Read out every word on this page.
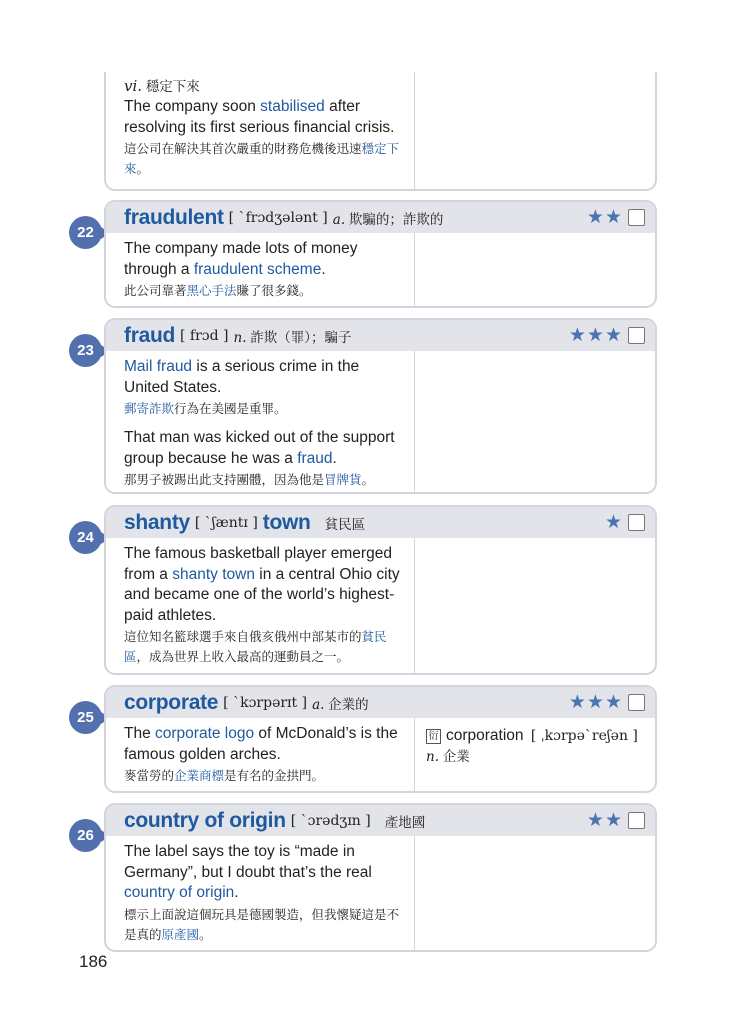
vi. 穩定下來
The company soon stabilised after resolving its first serious financial crisis.
這公司在解決其首次嚴重的財務危機後迅速穩定下來。
22
fraudulent [ ˋfrɔdʒələnt ] a. 欺騙的；詐欺的	★ ★
The company made lots of money through a fraudulent scheme.
此公司靠著黑心手法賺了很多錢。
23
fraud [ frɔd ] n. 詐欺（罪）；騙子	★ ★ ★
Mail fraud is a serious crime in the United States.
郵寄詐欺行為在美國是重罪。
That man was kicked out of the support group because he was a fraud.
那男子被踢出此支持團體，因為他是冒牌貨。
24
shanty [ ˋʃæntɪ ] town 貧民區	★
The famous basketball player emerged from a shanty town in a central Ohio city and became one of the world’s highest-paid athletes.
這位知名籃球選手來自俄亥俄州中部某市的貧民區，成為世界上收入最高的運動員之一。
25
corporate [ ˋkɔrpərɪt ] a. 企業的	★ ★ ★
The corporate logo of McDonald’s is the famous golden arches.
麥當勞的企業商標是有名的金拱門。
衍 corporation [ ˌkɔrpəˋreʃən ]
n. 企業
26
country of origin [ ˋɔrədʒɪn ] 產地國	★ ★
The label says the toy is “made in Germany”, but I doubt that’s the real country of origin.
標示上面說這個玩具是德國製造，但我懷疑這是不是真的原產國。
186
